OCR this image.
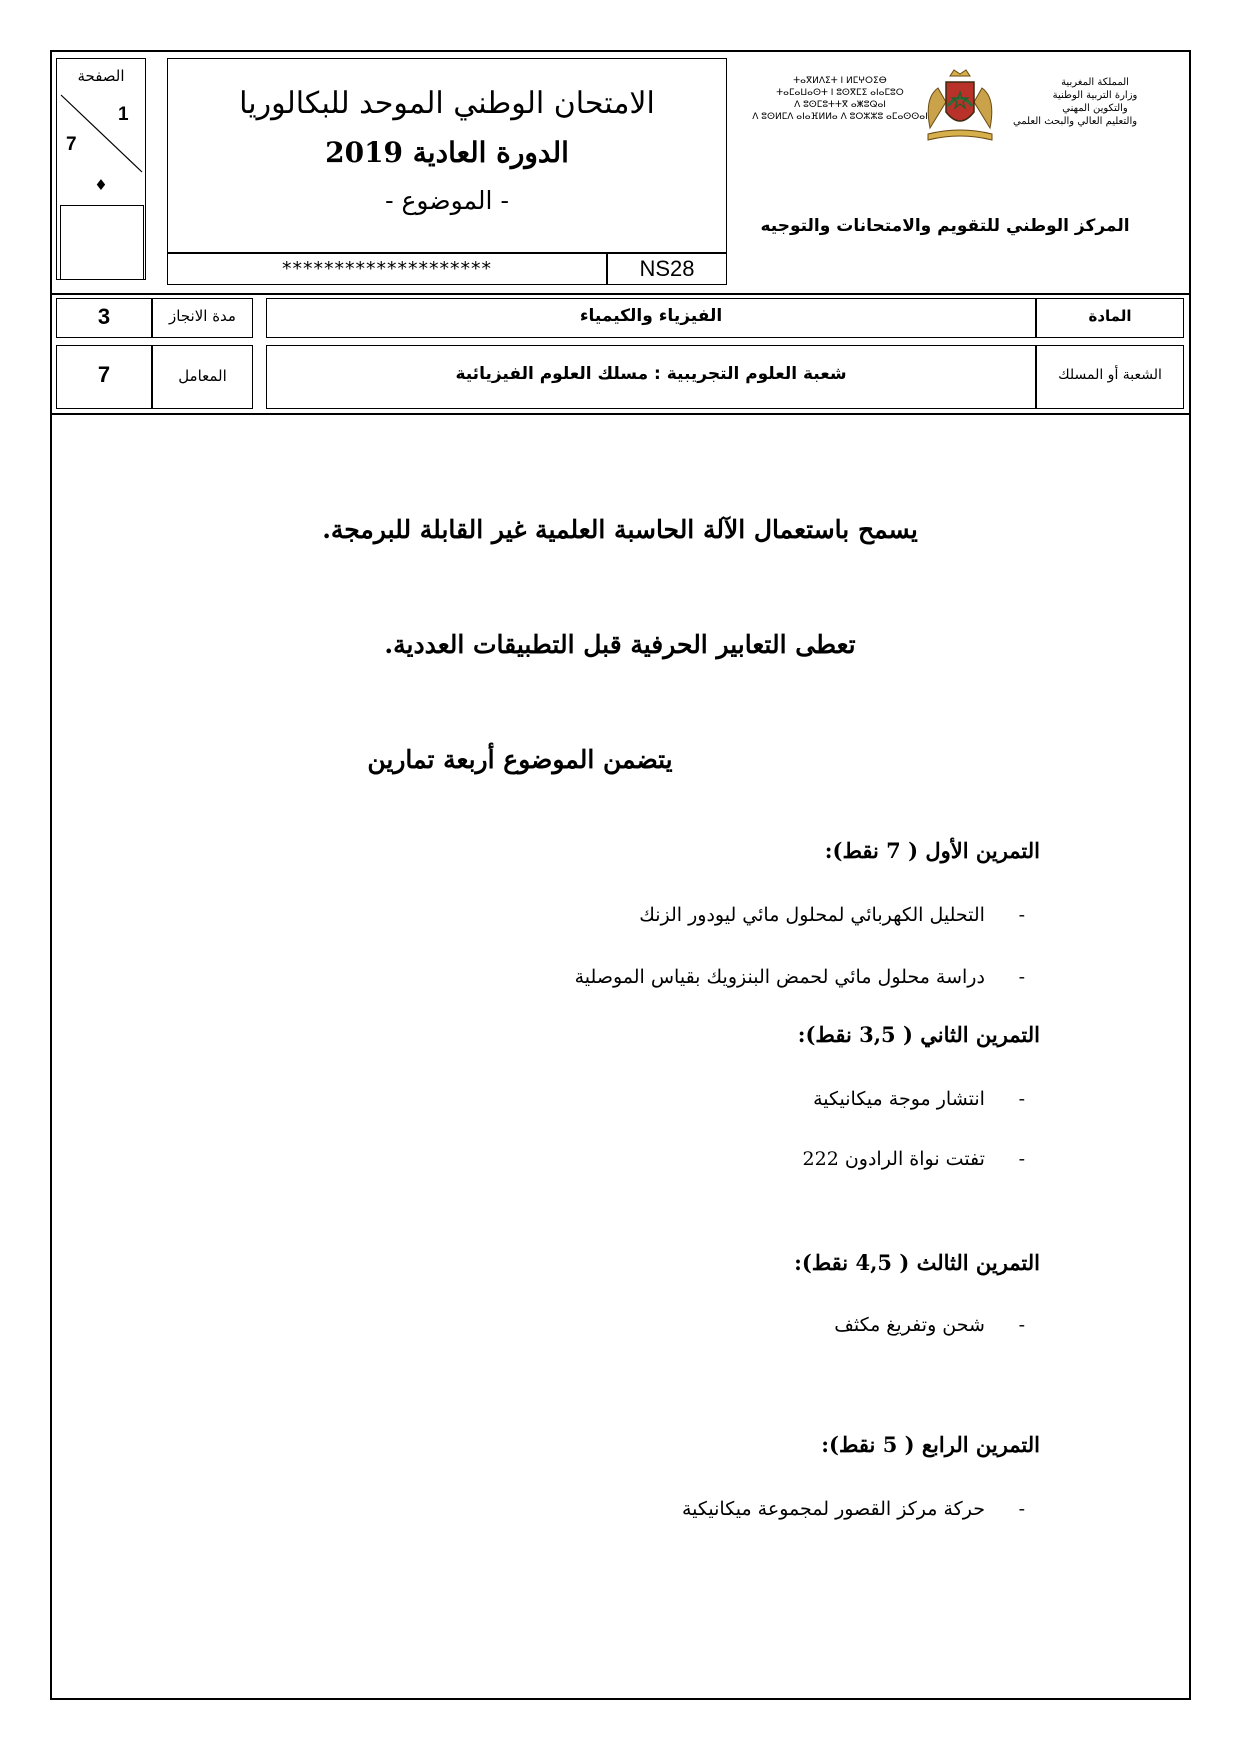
الصفحة
1
7
♦
الامتحان الوطني الموحد للبكالوريا
الدورة العادية 2019
- الموضوع -
********************	NS28
ⵜⴰⴳⵍⴷⵉⵜ ⵏ ⵍⵎⵖⵔⵉⴱ
ⵜⴰⵎⴰⵡⴰⵙⵜ ⵏ ⵓⵙⴳⵎⵉ ⴰⵏⴰⵎⵓⵔ
ⴷ ⵓⵙⵎⵓⵜⵜⴳ ⴰⵥⵓⵕⴰⵏ
ⴷ ⵓⵙⵍⵎⴷ ⴰⵏⴰⴼⵍⵍⴰ ⴷ ⵓⵔⵣⵣⵓ ⴰⵎⴰⵙⵙⴰⵏ
المملكة المغربية
وزارة التربية الوطنية
والتكوين المهني
والتعليم العالي والبحث العلمي
المركز الوطني للتقويم والامتحانات والتوجيه
3	مدة الانجاز	الفيزياء والكيمياء	المادة
7	المعامل	شعبة العلوم التجريبية : مسلك العلوم الفيزيائية	الشعبة أو المسلك
يسمح باستعمال الآلة الحاسبة العلمية غير القابلة للبرمجة.
تعطى التعابير الحرفية قبل التطبيقات العددية.
يتضمن الموضوع أربعة تمارين
التمرين الأول ( 7 نقط):
- التحليل الكهربائي لمحلول مائي ليودور الزنك
- دراسة محلول مائي لحمض البنزويك بقياس الموصلية
التمرين الثاني ( 3,5 نقط):
- انتشار موجة ميكانيكية
- تفتت نواة الرادون 222
التمرين الثالث ( 4,5 نقط):
- شحن وتفريغ مكثف
التمرين الرابع ( 5 نقط):
- حركة مركز القصور لمجموعة ميكانيكية
